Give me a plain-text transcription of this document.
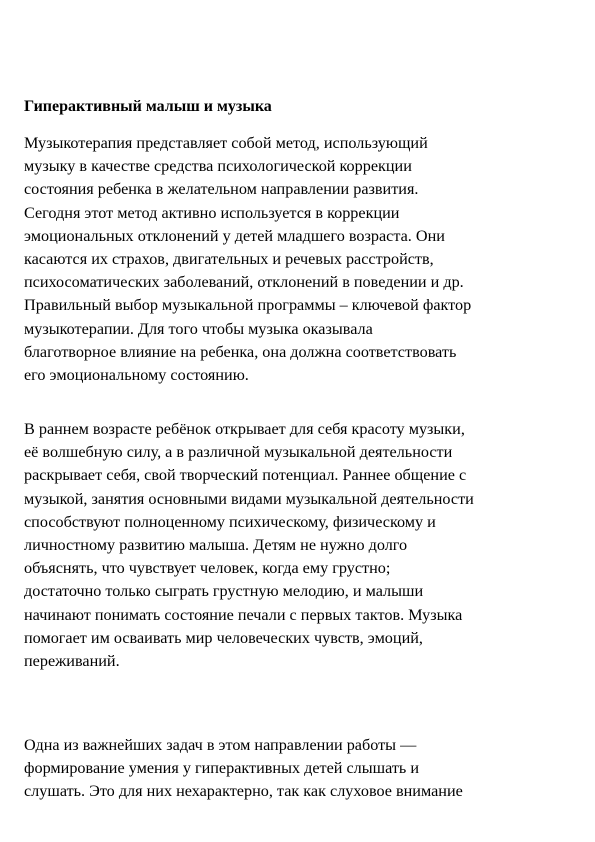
Гиперактивный малыш и музыка

Музыкотерапия представляет собой метод, использующий
музыку в качестве средства психологической коррекции
состояния ребенка в желательном направлении развития.
Сегодня этот метод активно используется в коррекции
эмоциональных отклонений у детей младшего возраста. Они
касаются их страхов, двигательных и речевых расстройств,
психосоматических заболеваний, отклонений в поведении и др.
Правильный выбор музыкальной программы – ключевой фактор
музыкотерапии. Для того чтобы музыка оказывала
благотворное влияние на ребенка, она должна соответствовать
его эмоциональному состоянию.

В раннем возрасте ребёнок открывает для себя красоту музыки,
её волшебную силу, а в различной музыкальной деятельности
раскрывает себя, свой творческий потенциал. Раннее общение с
музыкой, занятия основными видами музыкальной деятельности
способствуют полноценному психическому, физическому и
личностному развитию малыша. Детям не нужно долго
объяснять, что чувствует человек, когда ему грустно;
достаточно только сыграть грустную мелодию, и малыши
начинают понимать состояние печали с первых тактов. Музыка
помогает им осваивать мир человеческих чувств, эмоций,
переживаний.

Одна из важнейших задач в этом направлении работы —
формирование умения у гиперактивных детей слышать и
слушать. Это для них нехарактерно, так как слуховое внимание
